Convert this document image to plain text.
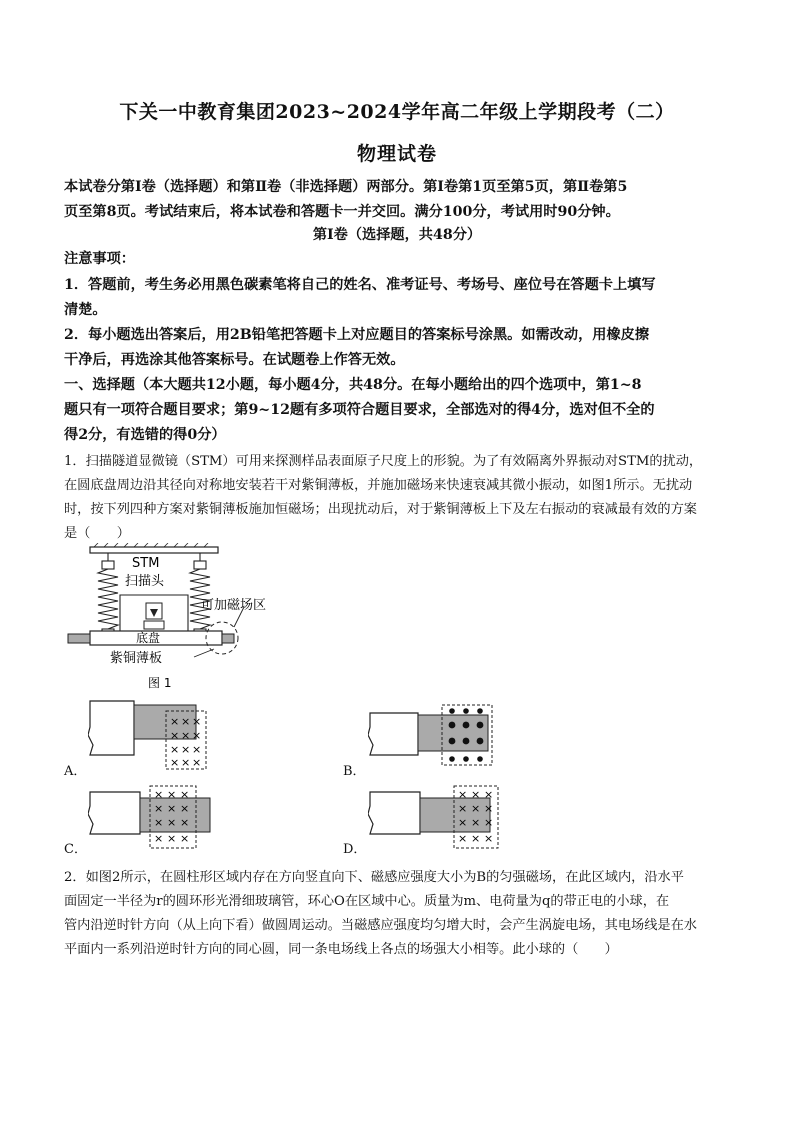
下关一中教育集团2023~2024学年高二年级上学期段考（二）
物理试卷
本试卷分第Ⅰ卷（选择题）和第Ⅱ卷（非选择题）两部分。第Ⅰ卷第1页至第5页，第Ⅱ卷第5
页至第8页。考试结束后，将本试卷和答题卡一并交回。满分100分，考试用时90分钟。
第Ⅰ卷（选择题，共48分）
注意事项：
1．答题前，考生务必用黑色碳素笔将自己的姓名、准考证号、考场号、座位号在答题卡上填写
清楚。
2．每小题选出答案后，用2B铅笔把答题卡上对应题目的答案标号涂黑。如需改动，用橡皮擦
干净后，再选涂其他答案标号。在试题卷上作答无效。
一、选择题（本大题共12小题，每小题4分，共48分。在每小题给出的四个选项中，第1~8
题只有一项符合题目要求；第9~12题有多项符合题目要求，全部选对的得4分，选对但不全的
得2分，有选错的得0分）
1．扫描隧道显微镜（STM）可用来探测样品表面原子尺度上的形貌。为了有效隔离外界振动对STM的扰动，
在圆底盘周边沿其径向对称地安装若干对紫铜薄板，并施加磁场来快速衰减其微小振动，如图1所示。无扰动
时，按下列四种方案对紫铜薄板施加恒磁场；出现扰动后，对于紫铜薄板上下及左右振动的衰减最有效的方案
是（　　）
STM
扫描头
可加磁场区
底盘
紫铜薄板
图 1
× × ×
× × ×
× × ×
× × ×
A．	B．
× × ×
× × ×
× × ×
× × ×
C．
× × ×
× × ×
× × ×
× × ×
D．
2．如图2所示，在圆柱形区域内存在方向竖直向下、磁感应强度大小为B的匀强磁场，在此区域内，沿水平
面固定一半径为r的圆环形光滑细玻璃管，环心O在区域中心。质量为m、电荷量为q的带正电的小球，在
管内沿逆时针方向（从上向下看）做圆周运动。当磁感应强度均匀增大时，会产生涡旋电场，其电场线是在水
平面内一系列沿逆时针方向的同心圆，同一条电场线上各点的场强大小相等。此小球的（　　）
